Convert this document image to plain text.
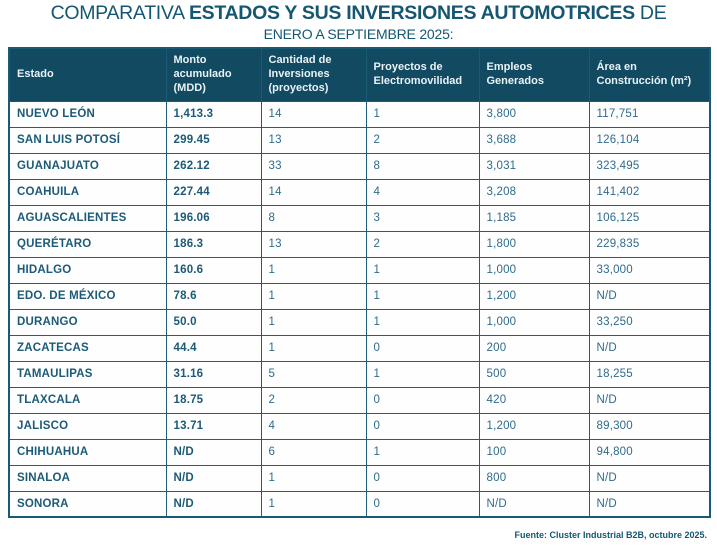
COMPARATIVA ESTADOS Y SUS INVERSIONES AUTOMOTRICES DE
ENERO A SEPTIEMBRE 2025:
Estado	Monto acumulado (MDD)	Cantidad de Inversiones (proyectos)	Proyectos de Electromovilidad	Empleos Generados	Área en Construcción (m²)
NUEVO LEÓN	1,413.3	14	1	3,800	117,751
SAN LUIS POTOSÍ	299.45	13	2	3,688	126,104
GUANAJUATO	262.12	33	8	3,031	323,495
COAHUILA	227.44	14	4	3,208	141,402
AGUASCALIENTES	196.06	8	3	1,185	106,125
QUERÉTARO	186.3	13	2	1,800	229,835
HIDALGO	160.6	1	1	1,000	33,000
EDO. DE MÉXICO	78.6	1	1	1,200	N/D
DURANGO	50.0	1	1	1,000	33,250
ZACATECAS	44.4	1	0	200	N/D
TAMAULIPAS	31.16	5	1	500	18,255
TLAXCALA	18.75	2	0	420	N/D
JALISCO	13.71	4	0	1,200	89,300
CHIHUAHUA	N/D	6	1	100	94,800
SINALOA	N/D	1	0	800	N/D
SONORA	N/D	1	0	N/D	N/D
Fuente: Cluster Industrial B2B, octubre 2025.
